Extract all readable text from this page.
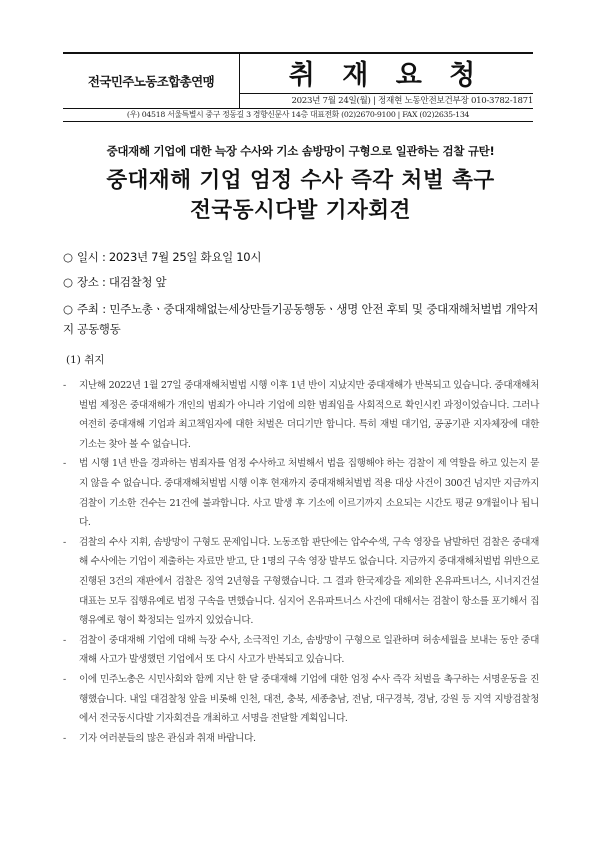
전국민주노동조합총연맹	취 재 요 청
2023년 7월 24일(월) | 정재현 노동안전보건부장 010-3782-1871
(우) 04518 서울특별시 중구 정동길 3 경향신문사 14층 대표전화 (02)2670-9100 | FAX (02)2635-134
중대재해 기업에 대한 늑장 수사와 기소 솜방망이 구형으로 일관하는 검찰 규탄!
중대재해 기업 엄정 수사 즉각 처벌 촉구
전국동시다발 기자회견
○ 일시 : 2023년 7월 25일 화요일 10시
○ 장소 : 대검찰청 앞
○ 주최 : 민주노총ㆍ중대재해없는세상만들기공동행동ㆍ생명 안전 후퇴 및 중대재해처벌법 개악저지 공동행동
(1) 취지

- 지난해 2022년 1월 27일 중대재해처벌법 시행 이후 1년 반이 지났지만 중대재해가 반복되고 있습니다. 중대재해처벌법 제정은 중대재해가 개인의 범죄가 아니라 기업에 의한 범죄임을 사회적으로 확인시킨 과정이었습니다. 그러나 여전히 중대재해 기업과 최고책임자에 대한 처벌은 더디기만 합니다. 특히 재벌 대기업, 공공기관 지자체장에 대한 기소는 찾아 볼 수 없습니다.

- 법 시행 1년 반을 경과하는 범죄자를 엄정 수사하고 처벌해서 법을 집행해야 하는 검찰이 제 역할을 하고 있는지 묻지 않을 수 없습니다. 중대재해처벌법 시행 이후 현재까지 중대재해처벌법 적용 대상 사건이 300건 넘지만 지금까지 검찰이 기소한 건수는 21건에 불과합니다. 사고 발생 후 기소에 이르기까지 소요되는 시간도 평균 9개월이나 됩니다.

- 검찰의 수사 지휘, 솜방망이 구형도 문제입니다. 노동조합 판단에는 압수수색, 구속 영장을 남발하던 검찰은 중대재해 수사에는 기업이 제출하는 자료만 받고, 단 1명의 구속 영장 발부도 없습니다. 지금까지 중대재해처벌법 위반으로 진행된 3건의 재판에서 검찰은 징역 2년형을 구형했습니다. 그 결과 한국제강을 제외한 온유파트너스, 시너지건설 대표는 모두 집행유예로 법정 구속을 면했습니다. 심지어 온유파트너스 사건에 대해서는 검찰이 항소를 포기해서 집행유예로 형이 확정되는 일까지 있었습니다.

- 검찰이 중대재해 기업에 대해 늑장 수사, 소극적인 기소, 솜방망이 구형으로 일관하며 허송세월을 보내는 동안 중대재해 사고가 발생했던 기업에서 또 다시 사고가 반복되고 있습니다.

- 이에 민주노총은 시민사회와 함께 지난 한 달 중대재해 기업에 대한 엄정 수사 즉각 처벌을 촉구하는 서명운동을 진행했습니다. 내일 대검찰청 앞을 비롯해 인천, 대전, 충북, 세종충남, 전남, 대구경북, 경남, 강원 등 지역 지방검찰청에서 전국동시다발 기자회견을 개최하고 서명을 전달할 계획입니다.

- 기자 여러분들의 많은 관심과 취재 바랍니다.
